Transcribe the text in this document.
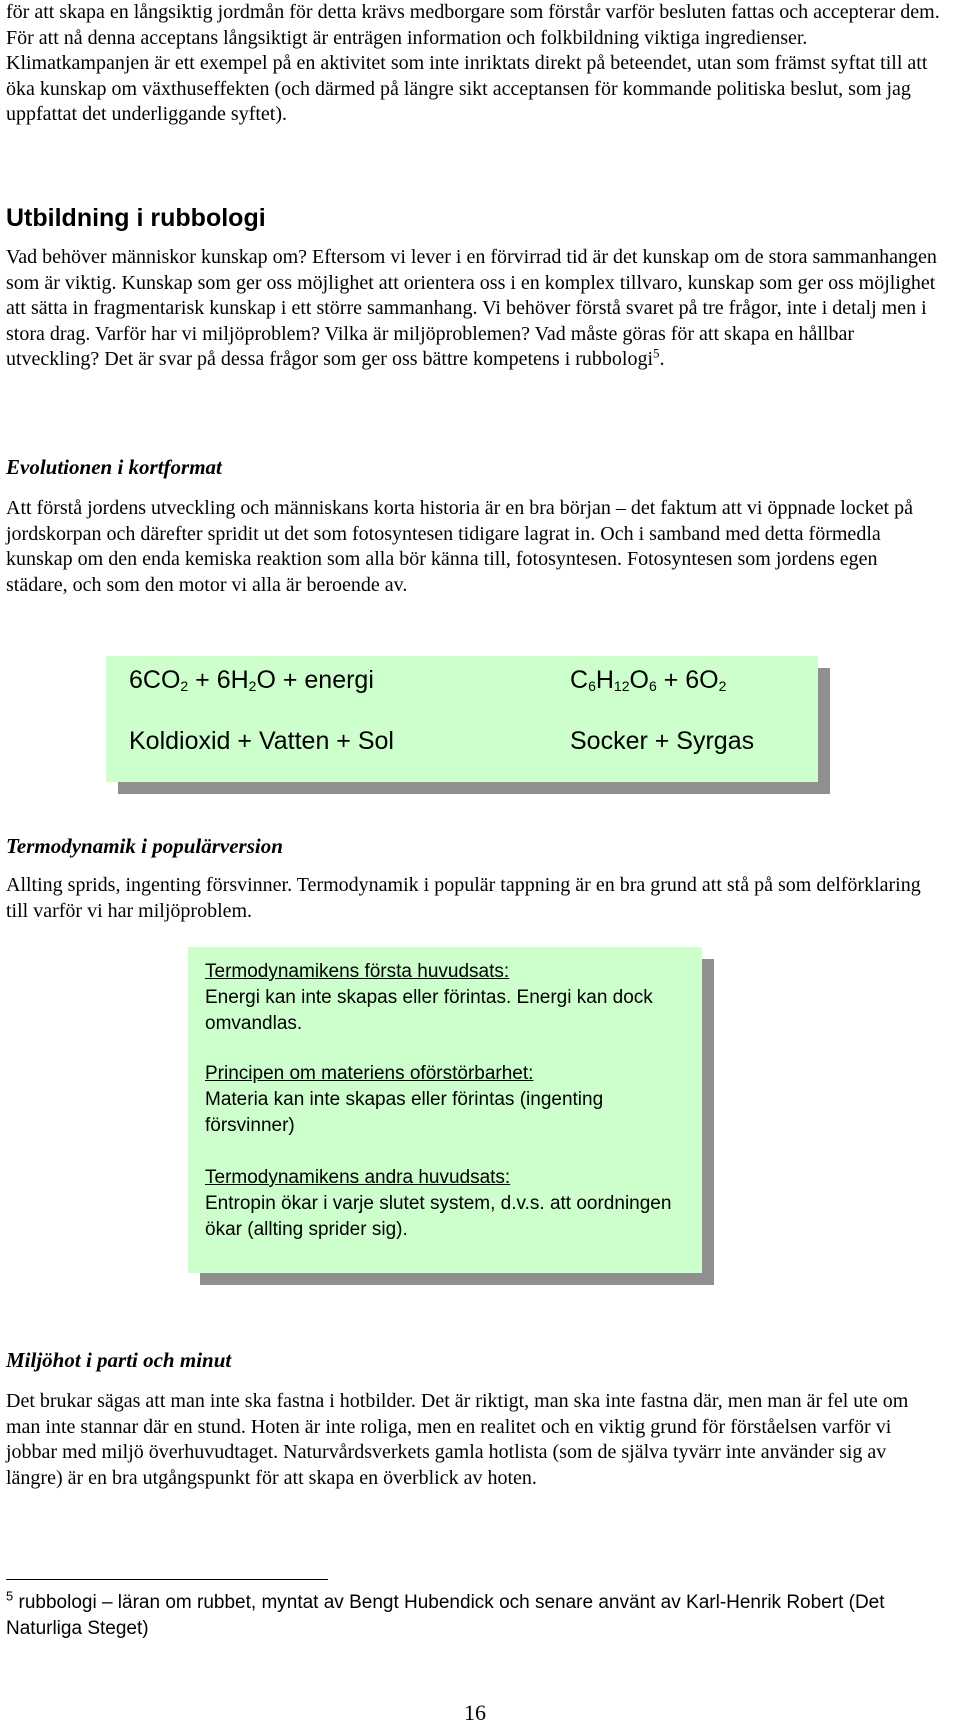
för att skapa en långsiktig jordmån för detta krävs medborgare som förstår varför besluten fattas och accepterar dem. För att nå denna acceptans långsiktigt är enträgen information och folkbildning viktiga ingredienser. Klimatkampanjen är ett exempel på en aktivitet som inte inriktats direkt på beteendet, utan som främst syftat till att öka kunskap om växthuseffekten (och därmed på längre sikt acceptansen för kommande politiska beslut, som jag uppfattat det underliggande syftet).

Utbildning i rubbologi

Vad behöver människor kunskap om? Eftersom vi lever i en förvirrad tid är det kunskap om de stora sammanhangen som är viktig. Kunskap som ger oss möjlighet att orientera oss i en komplex tillvaro, kunskap som ger oss möjlighet att sätta in fragmentarisk kunskap i ett större sammanhang. Vi behöver förstå svaret på tre frågor, inte i detalj men i stora drag. Varför har vi miljöproblem? Vilka är miljöproblemen? Vad måste göras för att skapa en hållbar utveckling? Det är svar på dessa frågor som ger oss bättre kompetens i rubbologi$^5$.

Evolutionen i kortformat

Att förstå jordens utveckling och människans korta historia är en bra början – det faktum att vi öppnade locket på jordskorpan och därefter spridit ut det som fotosyntesen tidigare lagrat in. Och i samband med detta förmedla kunskap om den enda kemiska reaktion som alla bör känna till, fotosyntesen. Fotosyntesen som jordens egen städare, och som den motor vi alla är beroende av.

$6CO_2 + 6H_2O$ + energi	$C_6H_{12}O_6 + 6O_2$
Koldioxid + Vatten + Sol	Socker + Syrgas
Termodynamik i populärversion

Allting sprids, ingenting försvinner. Termodynamik i populär tappning är en bra grund att stå på som delförklaring till varför vi har miljöproblem.

Termodynamikens första huvudsats:
Energi kan inte skapas eller förintas. Energi kan dock omvandlas.
Principen om materiens oförstörbarhet:
Materia kan inte skapas eller förintas (ingenting försvinner)
Termodynamikens andra huvudsats:
Entropin ökar i varje slutet system, d.v.s. att oordningen ökar (allting sprider sig).
Miljöhot i parti och minut

Det brukar sägas att man inte ska fastna i hotbilder. Det är riktigt, man ska inte fastna där, men man är fel ute om man inte stannar där en stund. Hoten är inte roliga, men en realitet och en viktig grund för förståelsen varför vi jobbar med miljö överhuvudtaget. Naturvårdsverkets gamla hotlista (som de själva tyvärr inte använder sig av längre) är en bra utgångspunkt för att skapa en överblick av hoten.

$^5$ rubbologi – läran om rubbet, myntat av Bengt Hubendick och senare använt av Karl-Henrik Robert (Det Naturliga Steget)
16
